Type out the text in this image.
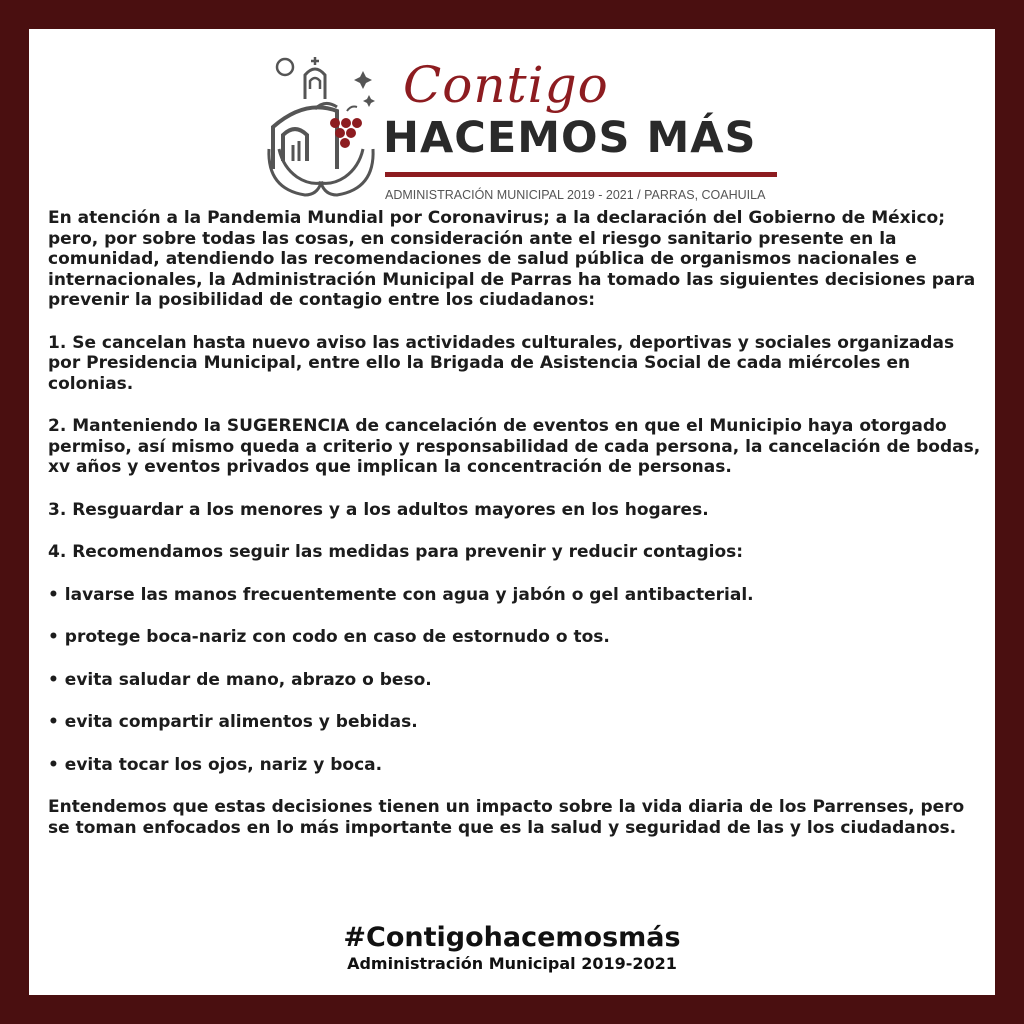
Contigo
HACEMOS MÁS
ADMINISTRACIÓN MUNICIPAL 2019 - 2021 / PARRAS, COAHUILA

En atención a la Pandemia Mundial por Coronavirus; a la declaración del Gobierno de México; pero, por sobre todas las cosas, en consideración ante el riesgo sanitario presente en la comunidad, atendiendo las recomendaciones de salud pública de organismos nacionales e internacionales, la Administración Municipal de Parras ha tomado las siguientes decisiones para prevenir la posibilidad de contagio entre los ciudadanos:

1. Se cancelan hasta nuevo aviso las actividades culturales, deportivas y sociales organizadas por Presidencia Municipal, entre ello la Brigada de Asistencia Social de cada miércoles en colonias.

2. Manteniendo la SUGERENCIA de cancelación de eventos en que el Municipio haya otorgado permiso, así mismo queda a criterio y responsabilidad de cada persona, la cancelación de bodas, xv años y eventos privados que implican la concentración de personas.

3. Resguardar a los menores y a los adultos mayores en los hogares.

4. Recomendamos seguir las medidas para prevenir y reducir contagios:

• lavarse las manos frecuentemente con agua y jabón o gel antibacterial.

• protege boca-nariz con codo en caso de estornudo o tos.

• evita saludar de mano, abrazo o beso.

• evita compartir alimentos y bebidas.

• evita tocar los ojos, nariz y boca.

Entendemos que estas decisiones tienen un impacto sobre la vida diaria de los Parrenses, pero se toman enfocados en lo más importante que es la salud y seguridad de las y los ciudadanos.

#Contigohacemosmás
Administración Municipal 2019-2021
